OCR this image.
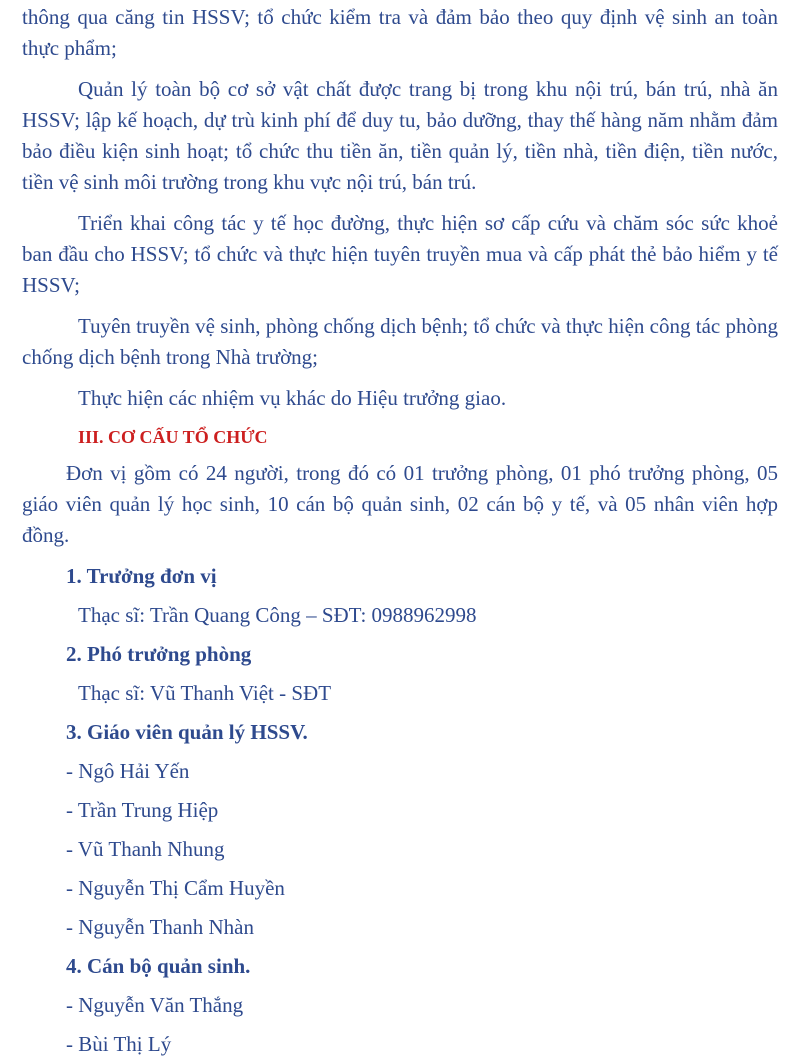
thông qua căng tin HSSV; tổ chức kiểm tra và đảm bảo theo quy định vệ sinh an toàn thực phẩm;

Quản lý toàn bộ cơ sở vật chất được trang bị trong khu nội trú, bán trú, nhà ăn HSSV; lập kế hoạch, dự trù kinh phí để duy tu, bảo dưỡng, thay thế hàng năm nhằm đảm bảo điều kiện sinh hoạt; tổ chức thu tiền ăn, tiền quản lý, tiền nhà, tiền điện, tiền nước, tiền vệ sinh môi trường trong khu vực nội trú, bán trú.

Triển khai công tác y tế học đường, thực hiện sơ cấp cứu và chăm sóc sức khoẻ ban đầu cho HSSV; tổ chức và thực hiện tuyên truyền mua và cấp phát thẻ bảo hiểm y tế HSSV;

Tuyên truyền vệ sinh, phòng chống dịch bệnh; tổ chức và thực hiện công tác phòng chống dịch bệnh trong Nhà trường;

Thực hiện các nhiệm vụ khác do Hiệu trưởng giao.

III. CƠ CẤU TỔ CHỨC

Đơn vị gồm có 24 người, trong đó có 01 trưởng phòng, 01 phó trưởng phòng, 05 giáo viên quản lý học sinh, 10 cán bộ quản sinh, 02 cán bộ y tế, và 05 nhân viên hợp đồng.

1. Trưởng đơn vị

Thạc sĩ: Trần Quang Công – SĐT: 0988962998

2. Phó trưởng phòng

Thạc sĩ: Vũ Thanh Việt - SĐT

3. Giáo viên quản lý HSSV.

- Ngô Hải Yến

- Trần Trung Hiệp

- Vũ Thanh Nhung

- Nguyễn Thị Cẩm Huyền

- Nguyễn Thanh Nhàn

4. Cán bộ quản sinh.

- Nguyễn Văn Thắng

- Bùi Thị Lý
